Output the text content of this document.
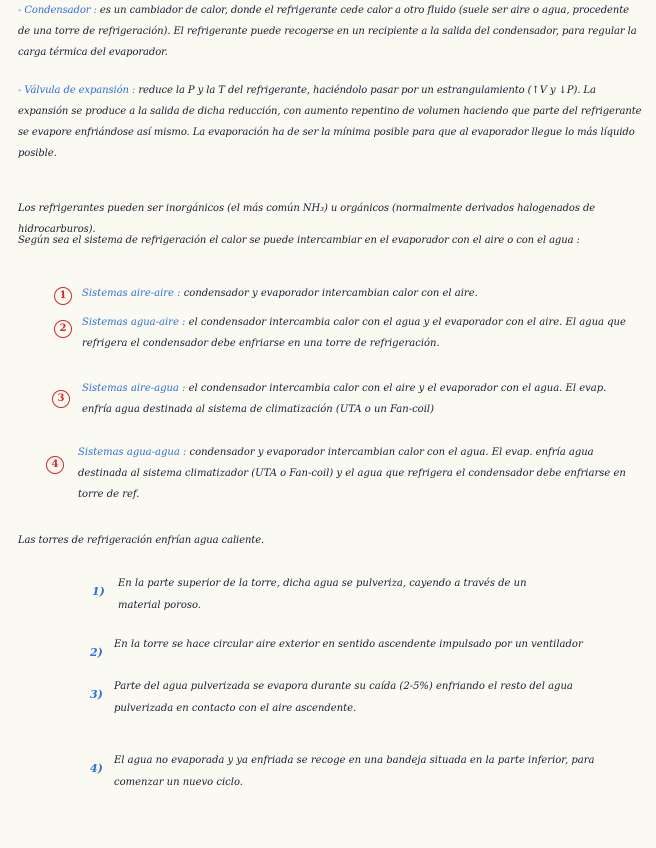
- Condensador : es un cambiador de calor, donde el refrigerante cede calor a otro fluido (suele ser aire o agua, procedente de una torre de refrigeración). El refrigerante puede recogerse en un recipiente a la salida del condensador, para regular la carga térmica del evaporador.
- Válvula de expansión : reduce la P y la T del refrigerante, haciéndolo pasar por un estrangulamiento (↑V y ↓P). La expansión se produce a la salida de dicha reducción, con aumento repentino de volumen haciendo que parte del refrigerante se evapore enfriándose así mismo. La evaporación ha de ser la mínima posible para que al evaporador llegue lo más líquido posible.
Los refrigerantes pueden ser inorgánicos (el más común NH₃) u orgánicos (normalmente derivados halogenados de hidrocarburos).
Según sea el sistema de refrigeración el calor se puede intercambiar en el evaporador con el aire o con el agua :
1	Sistemas aire-aire : condensador y evaporador intercambian calor con el aire.
2
Sistemas agua-aire : el condensador intercambia calor con el agua y el evaporador con el aire. El agua que refrigera el condensador debe enfriarse en una torre de refrigeración.
3
Sistemas aire-agua : el condensador intercambia calor con el aire y el evaporador con el agua. El evap. enfría agua destinada al sistema de climatización (UTA o un Fan-coil)
4
Sistemas agua-agua : condensador y evaporador intercambian calor con el agua. El evap. enfría agua destinada al sistema climatizador (UTA o Fan-coil) y el agua que refrigera el condensador debe enfriarse en torre de ref.
Las torres de refrigeración enfrían agua caliente.
1)
En la parte superior de la torre, dicha agua se pulveriza, cayendo a través de un material poroso.
2)
En la torre se hace circular aire exterior en sentido ascendente impulsado por un ventilador
3)
Parte del agua pulverizada se evapora durante su caída (2-5%) enfriando el resto del agua pulverizada en contacto con el aire ascendente.
4)
El agua no evaporada y ya enfriada se recoge en una bandeja situada en la parte inferior, para comenzar un nuevo ciclo.
